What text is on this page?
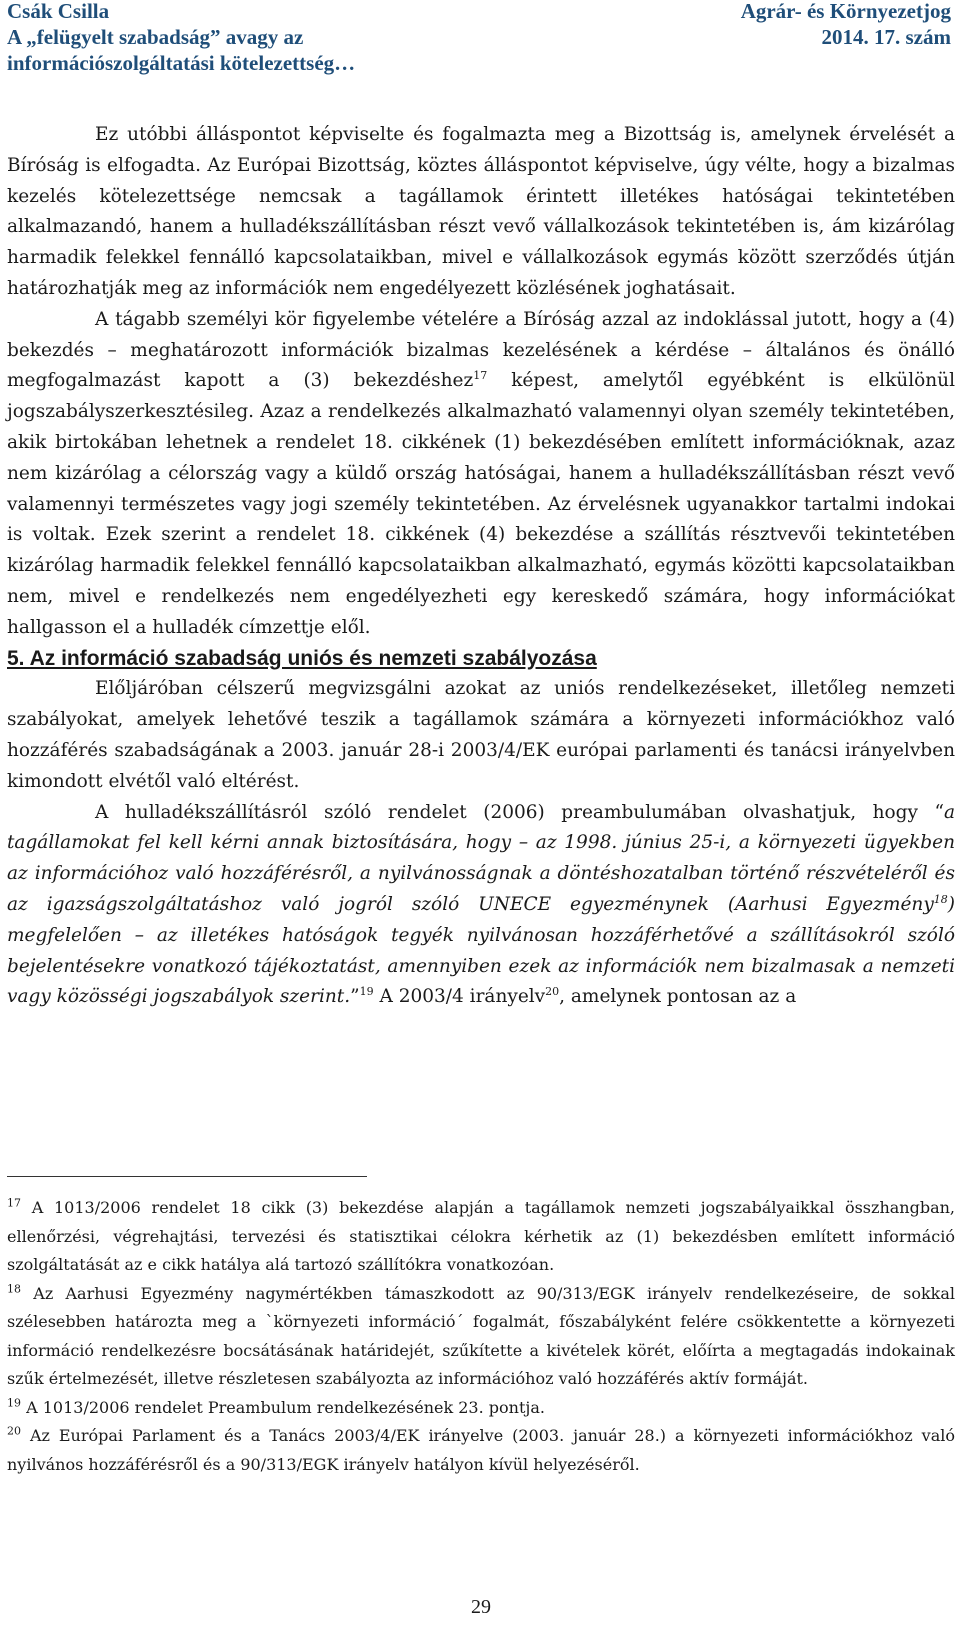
Csák Csilla
A „felügyelt szabadság” avagy az
információszolgáltatási kötelezettség…
Agrár- és Környezetjog
2014. 17. szám

Ez utóbbi álláspontot képviselte és fogalmazta meg a Bizottság is, amelynek érvelését a Bíróság is elfogadta. Az Európai Bizottság, köztes álláspontot képviselve, úgy vélte, hogy a bizalmas kezelés kötelezettsége nemcsak a tagállamok érintett illetékes hatóságai tekintetében alkalmazandó, hanem a hulladékszállításban részt vevő vállalkozások tekintetében is, ám kizárólag harmadik felekkel fennálló kapcsolataikban, mivel e vállalkozások egymás között szerződés útján határozhatják meg az információk nem engedélyezett közlésének joghatásait.

A tágabb személyi kör figyelembe vételére a Bíróság azzal az indoklással jutott, hogy a (4) bekezdés – meghatározott információk bizalmas kezelésének a kérdése – általános és önálló megfogalmazást kapott a (3) bekezdéshez$^{17}$ képest, amelytől egyébként is elkülönül jogszabályszerkesztésileg. Azaz a rendelkezés alkalmazható valamennyi olyan személy tekintetében, akik birtokában lehetnek a rendelet 18. cikkének (1) bekezdésében említett információknak, azaz nem kizárólag a célország vagy a küldő ország hatóságai, hanem a hulladékszállításban részt vevő valamennyi természetes vagy jogi személy tekintetében. Az érvelésnek ugyanakkor tartalmi indokai is voltak. Ezek szerint a rendelet 18. cikkének (4) bekezdése a szállítás résztvevői tekintetében kizárólag harmadik felekkel fennálló kapcsolataikban alkalmazható, egymás közötti kapcsolataikban nem, mivel e rendelkezés nem engedélyezheti egy kereskedő számára, hogy információkat hallgasson el a hulladék címzettje elől.

5. Az információ szabadság uniós és nemzeti szabályozása

Előljáróban célszerű megvizsgálni azokat az uniós rendelkezéseket, illetőleg nemzeti szabályokat, amelyek lehetővé teszik a tagállamok számára a környezeti információkhoz való hozzáférés szabadságának a 2003. január 28-i 2003/4/EK európai parlamenti és tanácsi irányelvben kimondott elvétől való eltérést.

A hulladékszállításról szóló rendelet (2006) preambulumában olvashatjuk, hogy “a tagállamokat fel kell kérni annak biztosítására, hogy – az 1998. június 25-i, a környezeti ügyekben az információhoz való hozzáférésről, a nyilvánosságnak a döntéshozatalban történő részvételéről és az igazságszolgáltatáshoz való jogról szóló UNECE egyezménynek (Aarhusi Egyezmény$^{18}$) megfelelően – az illetékes hatóságok tegyék nyilvánosan hozzáférhetővé a szállításokról szóló bejelentésekre vonatkozó tájékoztatást, amennyiben ezek az információk nem bizalmasak a nemzeti vagy közösségi jogszabályok szerint.”$^{19}$ A 2003/4 irányelv$^{20}$, amelynek pontosan az a

$^{17}$ A 1013/2006 rendelet 18 cikk (3) bekezdése alapján a tagállamok nemzeti jogszabályaikkal összhangban, ellenőrzési, végrehajtási, tervezési és statisztikai célokra kérhetik az (1) bekezdésben említett információ szolgáltatását az e cikk hatálya alá tartozó szállítókra vonatkozóan.

$^{18}$ Az Aarhusi Egyezmény nagymértékben támaszkodott az 90/313/EGK irányelv rendelkezéseire, de sokkal szélesebben határozta meg a `környezeti információ´ fogalmát, főszabályként felére csökkentette a környezeti információ rendelkezésre bocsátásának határidejét, szűkítette a kivételek körét, előírta a megtagadás indokainak szűk értelmezését, illetve részletesen szabályozta az információhoz való hozzáférés aktív formáját.

$^{19}$ A 1013/2006 rendelet Preambulum rendelkezésének 23. pontja.

$^{20}$ Az Európai Parlament és a Tanács 2003/4/EK irányelve (2003. január 28.) a környezeti információkhoz való nyilvános hozzáférésről és a 90/313/EGK irányelv hatályon kívül helyezéséről.

29
